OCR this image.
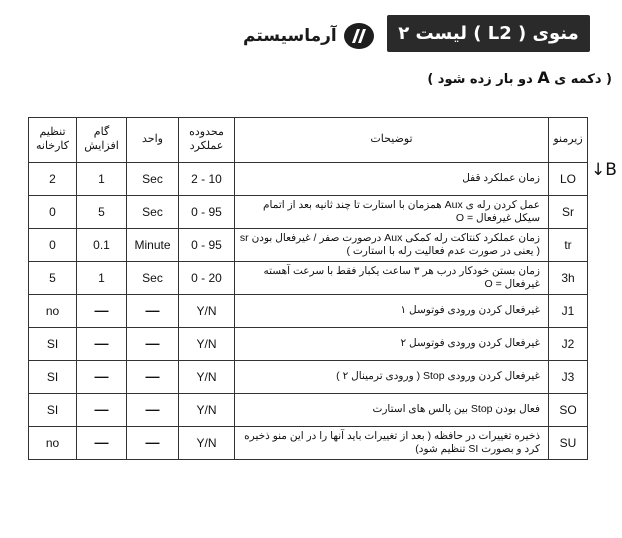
آرماسیستم	منوی ( L2 ) لیست ۲
( دکمه ی A دو بار زده شود )
↓B
تنظیم کارخانه	گام افزایش	واحد	محدوده عملکرد	توضیحات	زیرمنو
2	1	Sec	2 - 10	زمان عملکرد قفل	LO
0	5	Sec	0 - 95	عمل کردن رله ی Aux همزمان با استارت تا چند ثانیه بعد از اتمام سیکل غیرفعال = O	Sr
0	0.1	Minute	0 - 95	زمان عملکرد کنتاکت رله کمکی Aux درصورت صفر / غیرفعال بودن sr ( یعنی در صورت عدم فعالیت رله با استارت )	tr
5	1	Sec	0 - 20	زمان بستن خودکار درب هر ۳ ساعت یکبار فقط با سرعت آهسته غیرفعال = O	3h
no	—	—	Y/N	غیرفعال کردن ورودی فوتوسل ۱	J1
SI	—	—	Y/N	غیرفعال کردن ورودی فوتوسل ۲	J2
SI	—	—	Y/N	غیرفعال کردن ورودی Stop ( ورودی ترمینال ۲ )	J3
SI	—	—	Y/N	فعال بودن Stop بین پالس های استارت	SO
no	—	—	Y/N	ذخیره تغییرات در حافظه ( بعد از تغییرات باید آنها را در این منو ذخیره کرد و بصورت SI تنظیم شود)	SU
